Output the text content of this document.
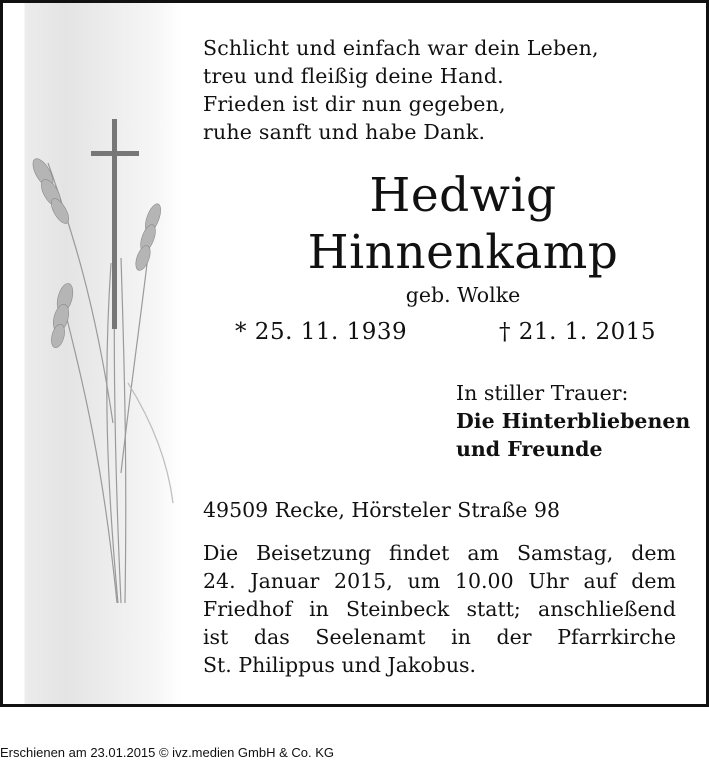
Schlicht und einfach war dein Leben,
treu und fleißig deine Hand.
Frieden ist dir nun gegeben,
ruhe sanft und habe Dank.
Hedwig
Hinnenkamp
geb. Wolke
* 25. 11. 1939	† 21. 1. 2015
In stiller Trauer:
Die Hinterbliebenen
und Freunde
49509 Recke, Hörsteler Straße 98
Die Beisetzung findet am Samstag, dem
24. Januar 2015, um 10.00 Uhr auf dem
Friedhof in Steinbeck statt; anschließend
ist das Seelenamt in der Pfarrkirche
St. Philippus und Jakobus.
Erschienen am 23.01.2015 © ivz.medien GmbH & Co. KG
